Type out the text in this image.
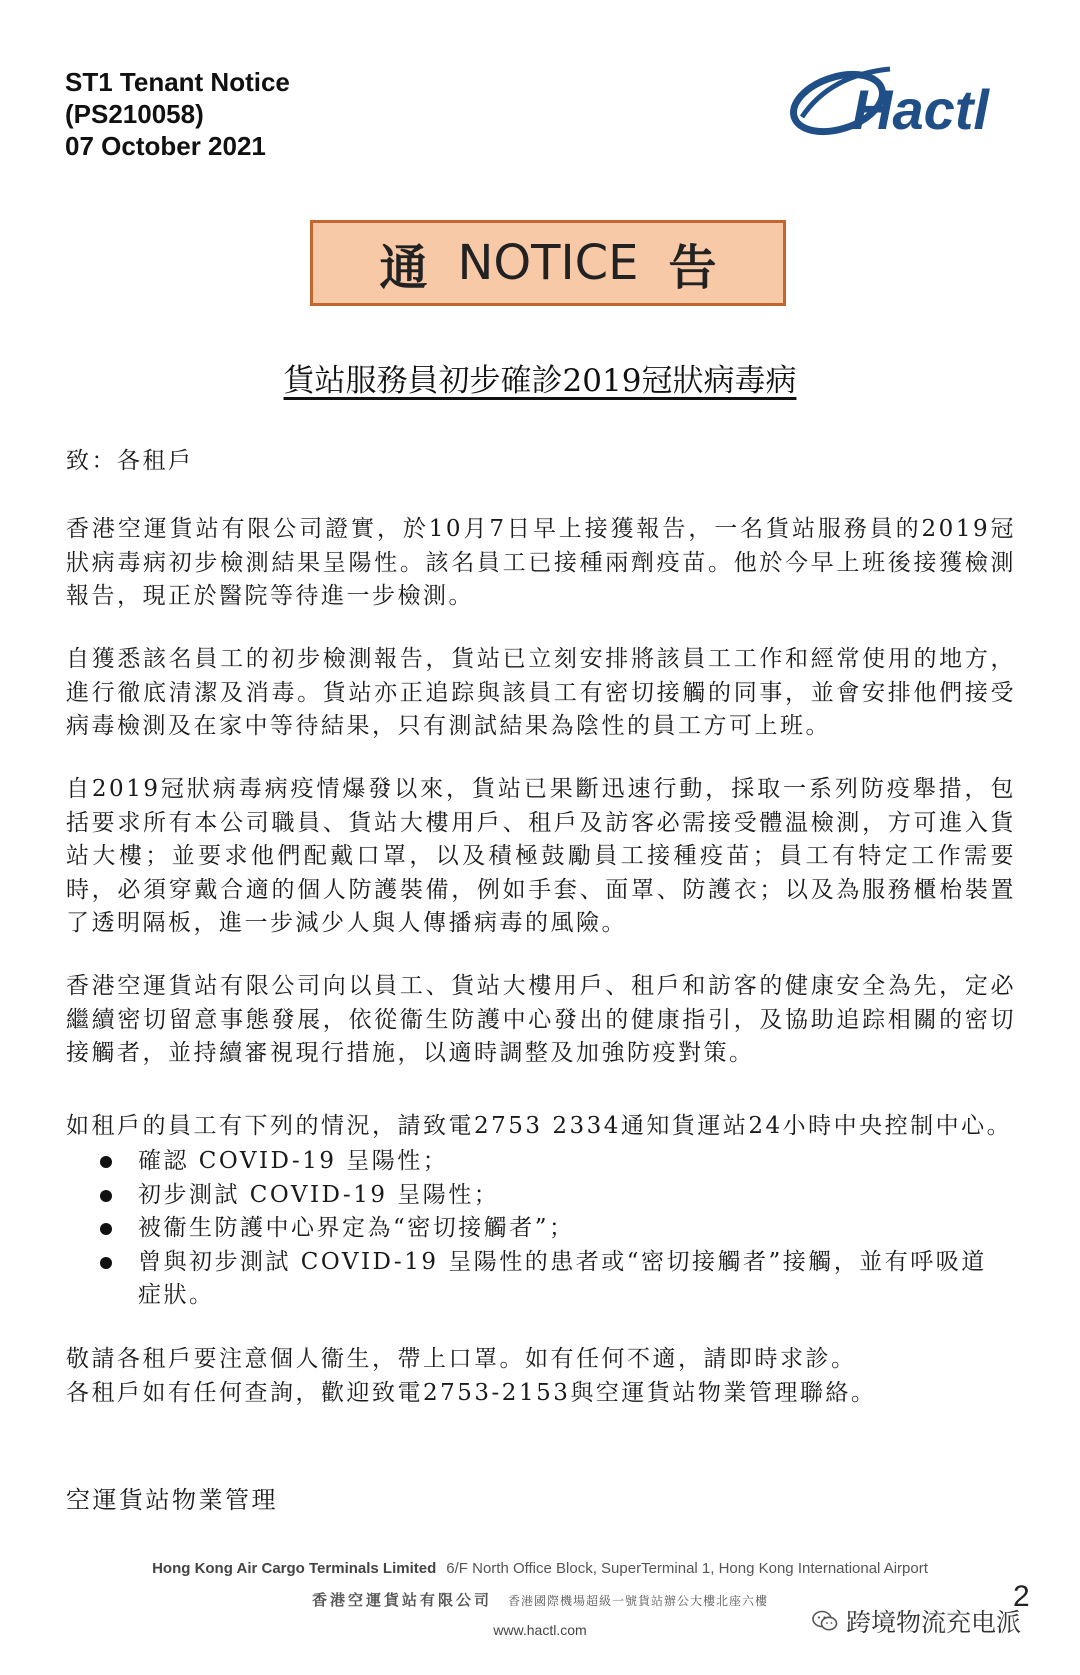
ST1 Tenant Notice
(PS210058)
07 October 2021
Hactl
通 NOTICE 告
貨站服務員初步確診2019冠狀病毒病
致：各租戶
香港空運貨站有限公司證實，於10月7日早上接獲報告，一名貨站服務員的2019冠狀病毒病初步檢測結果呈陽性。該名員工已接種兩劑疫苗。他於今早上班後接獲檢測報告，現正於醫院等待進一步檢測。
自獲悉該名員工的初步檢測報告，貨站已立刻安排將該員工工作和經常使用的地方，進行徹底清潔及消毒。貨站亦正追踪與該員工有密切接觸的同事，並會安排他們接受病毒檢測及在家中等待結果，只有測試結果為陰性的員工方可上班。
自2019冠狀病毒病疫情爆發以來，貨站已果斷迅速行動，採取一系列防疫舉措，包括要求所有本公司職員、貨站大樓用戶、租戶及訪客必需接受體温檢測，方可進入貨站大樓；並要求他們配戴口罩，以及積極鼓勵員工接種疫苗；員工有特定工作需要時，必須穿戴合適的個人防護裝備，例如手套、面罩、防護衣；以及為服務櫃枱裝置了透明隔板，進一步減少人與人傳播病毒的風險。
香港空運貨站有限公司向以員工、貨站大樓用戶、租戶和訪客的健康安全為先，定必繼續密切留意事態發展，依從衞生防護中心發出的健康指引，及協助追踪相關的密切接觸者，並持續審視現行措施，以適時調整及加強防疫對策。
如租戶的員工有下列的情況，請致電2753 2334通知貨運站24小時中央控制中心。
確認 COVID-19 呈陽性；
初步測試 COVID-19 呈陽性；
被衞生防護中心界定為“密切接觸者”；
曾與初步測試 COVID-19 呈陽性的患者或“密切接觸者”接觸，並有呼吸道症狀。
敬請各租戶要注意個人衞生，帶上口罩。如有任何不適，請即時求診。
各租戶如有任何查詢，歡迎致電2753-2153與空運貨站物業管理聯絡。
空運貨站物業管理
Hong Kong Air Cargo Terminals Limited 6/F North Office Block, SuperTerminal 1, Hong Kong International Airport
香港空運貨站有限公司 香港國際機場超級一號貨站辦公大樓北座六樓
www.hactl.com
2
跨境物流充电派
